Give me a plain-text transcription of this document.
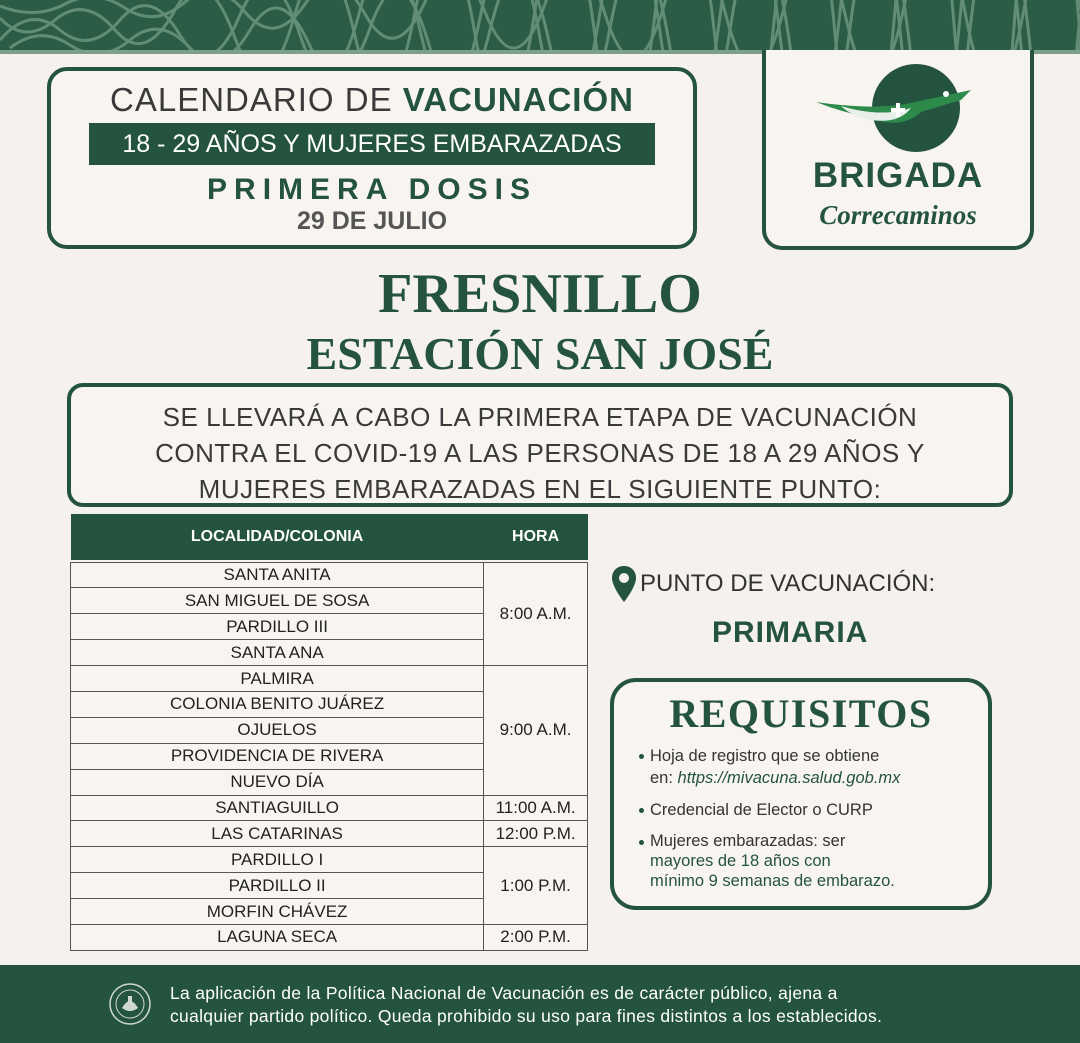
CALENDARIO DE VACUNACIÓN
18 - 29 AÑOS Y MUJERES EMBARAZADAS
PRIMERA DOSIS
29 DE JULIO
BRIGADA
Correcaminos
FRESNILLO
ESTACIÓN SAN JOSÉ
SE LLEVARÁ A CABO LA PRIMERA ETAPA DE VACUNACIÓN
CONTRA EL COVID-19 A LAS PERSONAS DE 18 A 29 AÑOS Y
MUJERES EMBARAZADAS EN EL SIGUIENTE PUNTO:
LOCALIDAD/COLONIA	HORA

SANTA ANITA	8:00 A.M.
SAN MIGUEL DE SOSA	
PARDILLO III	
SANTA ANA	
PALMIRA	9:00 A.M.
COLONIA BENITO JUÁREZ	
OJUELOS	
PROVIDENCIA DE RIVERA	
NUEVO DÍA	
SANTIAGUILLO	11:00 A.M.
LAS CATARINAS	12:00 P.M.
PARDILLO I	1:00 P.M.
PARDILLO II	
MORFIN CHÁVEZ	
LAGUNA SECA	2:00 P.M.
PUNTO DE VACUNACIÓN:
PRIMARIA
REQUISITOS
Hoja de registro que se obtiene
en: https://mivacuna.salud.gob.mx
Credencial de Elector o CURP
Mujeres embarazadas: ser
mayores de 18 años con
mínimo 9 semanas de embarazo.
La aplicación de la Política Nacional de Vacunación es de carácter público, ajena a
cualquier partido político. Queda prohibido su uso para fines distintos a los establecidos.
